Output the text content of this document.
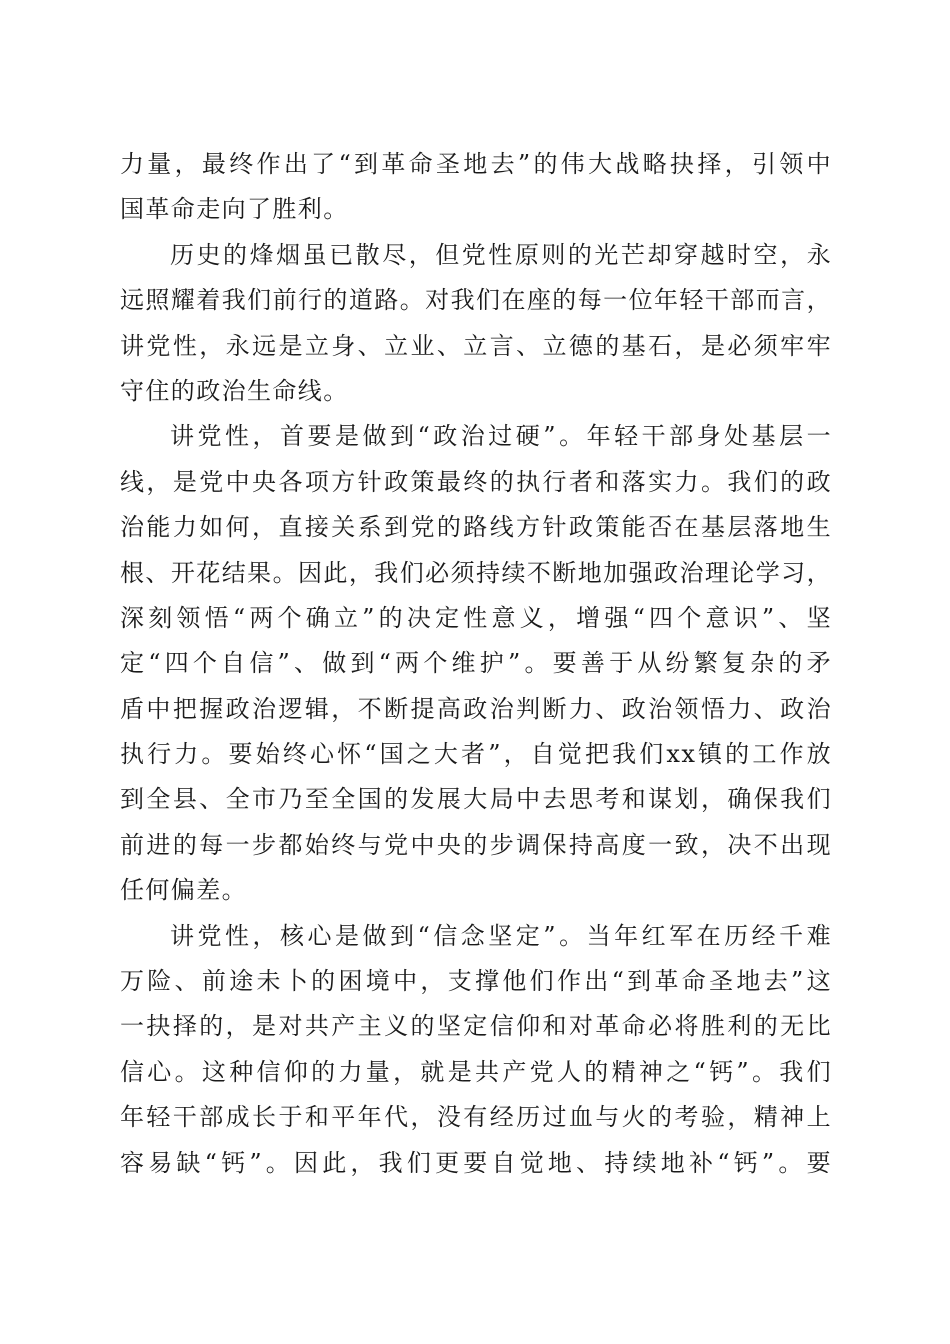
力量，最终作出了“到革命圣地去”的伟大战略抉择，引领中
国革命走向了胜利。
历史的烽烟虽已散尽，但党性原则的光芒却穿越时空，永
远照耀着我们前行的道路。对我们在座的每一位年轻干部而言，
讲党性，永远是立身、立业、立言、立德的基石，是必须牢牢
守住的政治生命线。
讲党性，首要是做到“政治过硬”。年轻干部身处基层一
线，是党中央各项方针政策最终的执行者和落实力。我们的政
治能力如何，直接关系到党的路线方针政策能否在基层落地生
根、开花结果。因此，我们必须持续不断地加强政治理论学习，
深刻领悟“两个确立”的决定性意义，增强“四个意识”、坚
定“四个自信”、做到“两个维护”。要善于从纷繁复杂的矛
盾中把握政治逻辑，不断提高政治判断力、政治领悟力、政治
执行力。要始终心怀“国之大者”，自觉把我们xx镇的工作放
到全县、全市乃至全国的发展大局中去思考和谋划，确保我们
前进的每一步都始终与党中央的步调保持高度一致，决不出现
任何偏差。
讲党性，核心是做到“信念坚定”。当年红军在历经千难
万险、前途未卜的困境中，支撑他们作出“到革命圣地去”这
一抉择的，是对共产主义的坚定信仰和对革命必将胜利的无比
信心。这种信仰的力量，就是共产党人的精神之“钙”。我们
年轻干部成长于和平年代，没有经历过血与火的考验，精神上
容易缺“钙”。因此，我们更要自觉地、持续地补“钙”。要
